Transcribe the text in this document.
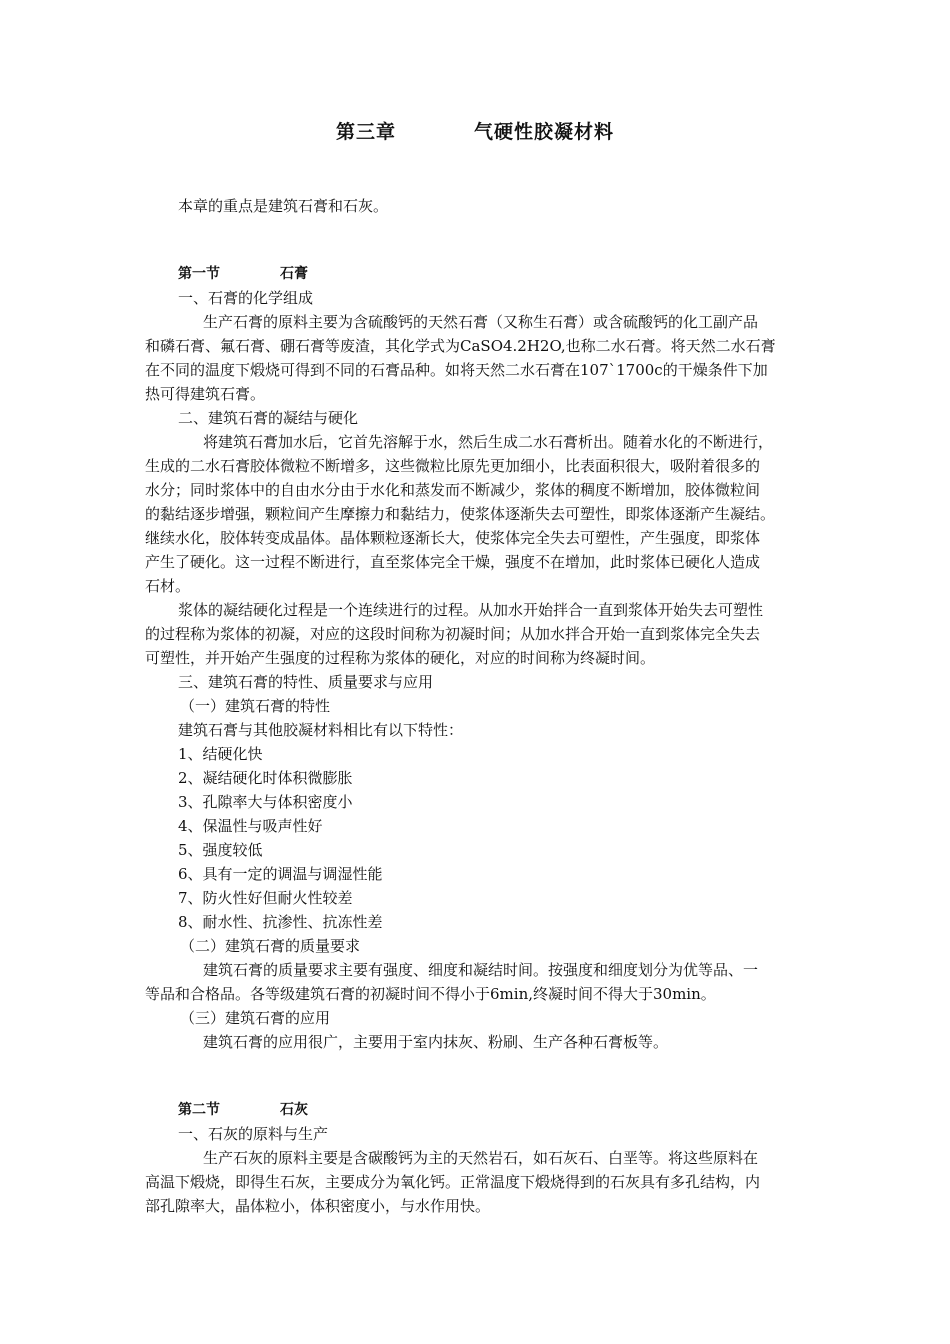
第三章	气硬性胶凝材料
本章的重点是建筑石膏和石灰。
第一节	石膏
一、石膏的化学组成
生产石膏的原料主要为含硫酸钙的天然石膏（又称生石膏）或含硫酸钙的化工副产品
和磷石膏、氟石膏、硼石膏等废渣，其化学式为CaSO4.2H2O,也称二水石膏。将天然二水石膏
在不同的温度下煅烧可得到不同的石膏品种。如将天然二水石膏在107`1700c的干燥条件下加
热可得建筑石膏。
二、建筑石膏的凝结与硬化
将建筑石膏加水后，它首先溶解于水，然后生成二水石膏析出。随着水化的不断进行，
生成的二水石膏胶体微粒不断增多，这些微粒比原先更加细小，比表面积很大，吸附着很多的
水分；同时浆体中的自由水分由于水化和蒸发而不断减少，浆体的稠度不断增加，胶体微粒间
的黏结逐步增强，颗粒间产生摩擦力和黏结力，使浆体逐渐失去可塑性，即浆体逐渐产生凝结。
继续水化，胶体转变成晶体。晶体颗粒逐渐长大，使浆体完全失去可塑性，产生强度，即浆体
产生了硬化。这一过程不断进行，直至浆体完全干燥，强度不在增加，此时浆体已硬化人造成
石材。
浆体的凝结硬化过程是一个连续进行的过程。从加水开始拌合一直到浆体开始失去可塑性
的过程称为浆体的初凝，对应的这段时间称为初凝时间；从加水拌合开始一直到浆体完全失去
可塑性，并开始产生强度的过程称为浆体的硬化，对应的时间称为终凝时间。
三、建筑石膏的特性、质量要求与应用
（一）建筑石膏的特性
建筑石膏与其他胶凝材料相比有以下特性：
1、结硬化快
2、凝结硬化时体积微膨胀
3、孔隙率大与体积密度小
4、保温性与吸声性好
5、强度较低
6、具有一定的调温与调湿性能
7、防火性好但耐火性较差
8、耐水性、抗渗性、抗冻性差
（二）建筑石膏的质量要求
建筑石膏的质量要求主要有强度、细度和凝结时间。按强度和细度划分为优等品、一
等品和合格品。各等级建筑石膏的初凝时间不得小于6min,终凝时间不得大于30min。
（三）建筑石膏的应用
建筑石膏的应用很广，主要用于室内抹灰、粉刷、生产各种石膏板等。
第二节	石灰
一、石灰的原料与生产
生产石灰的原料主要是含碳酸钙为主的天然岩石，如石灰石、白垩等。将这些原料在
高温下煅烧，即得生石灰，主要成分为氧化钙。正常温度下煅烧得到的石灰具有多孔结构，内
部孔隙率大，晶体粒小，体积密度小，与水作用快。
